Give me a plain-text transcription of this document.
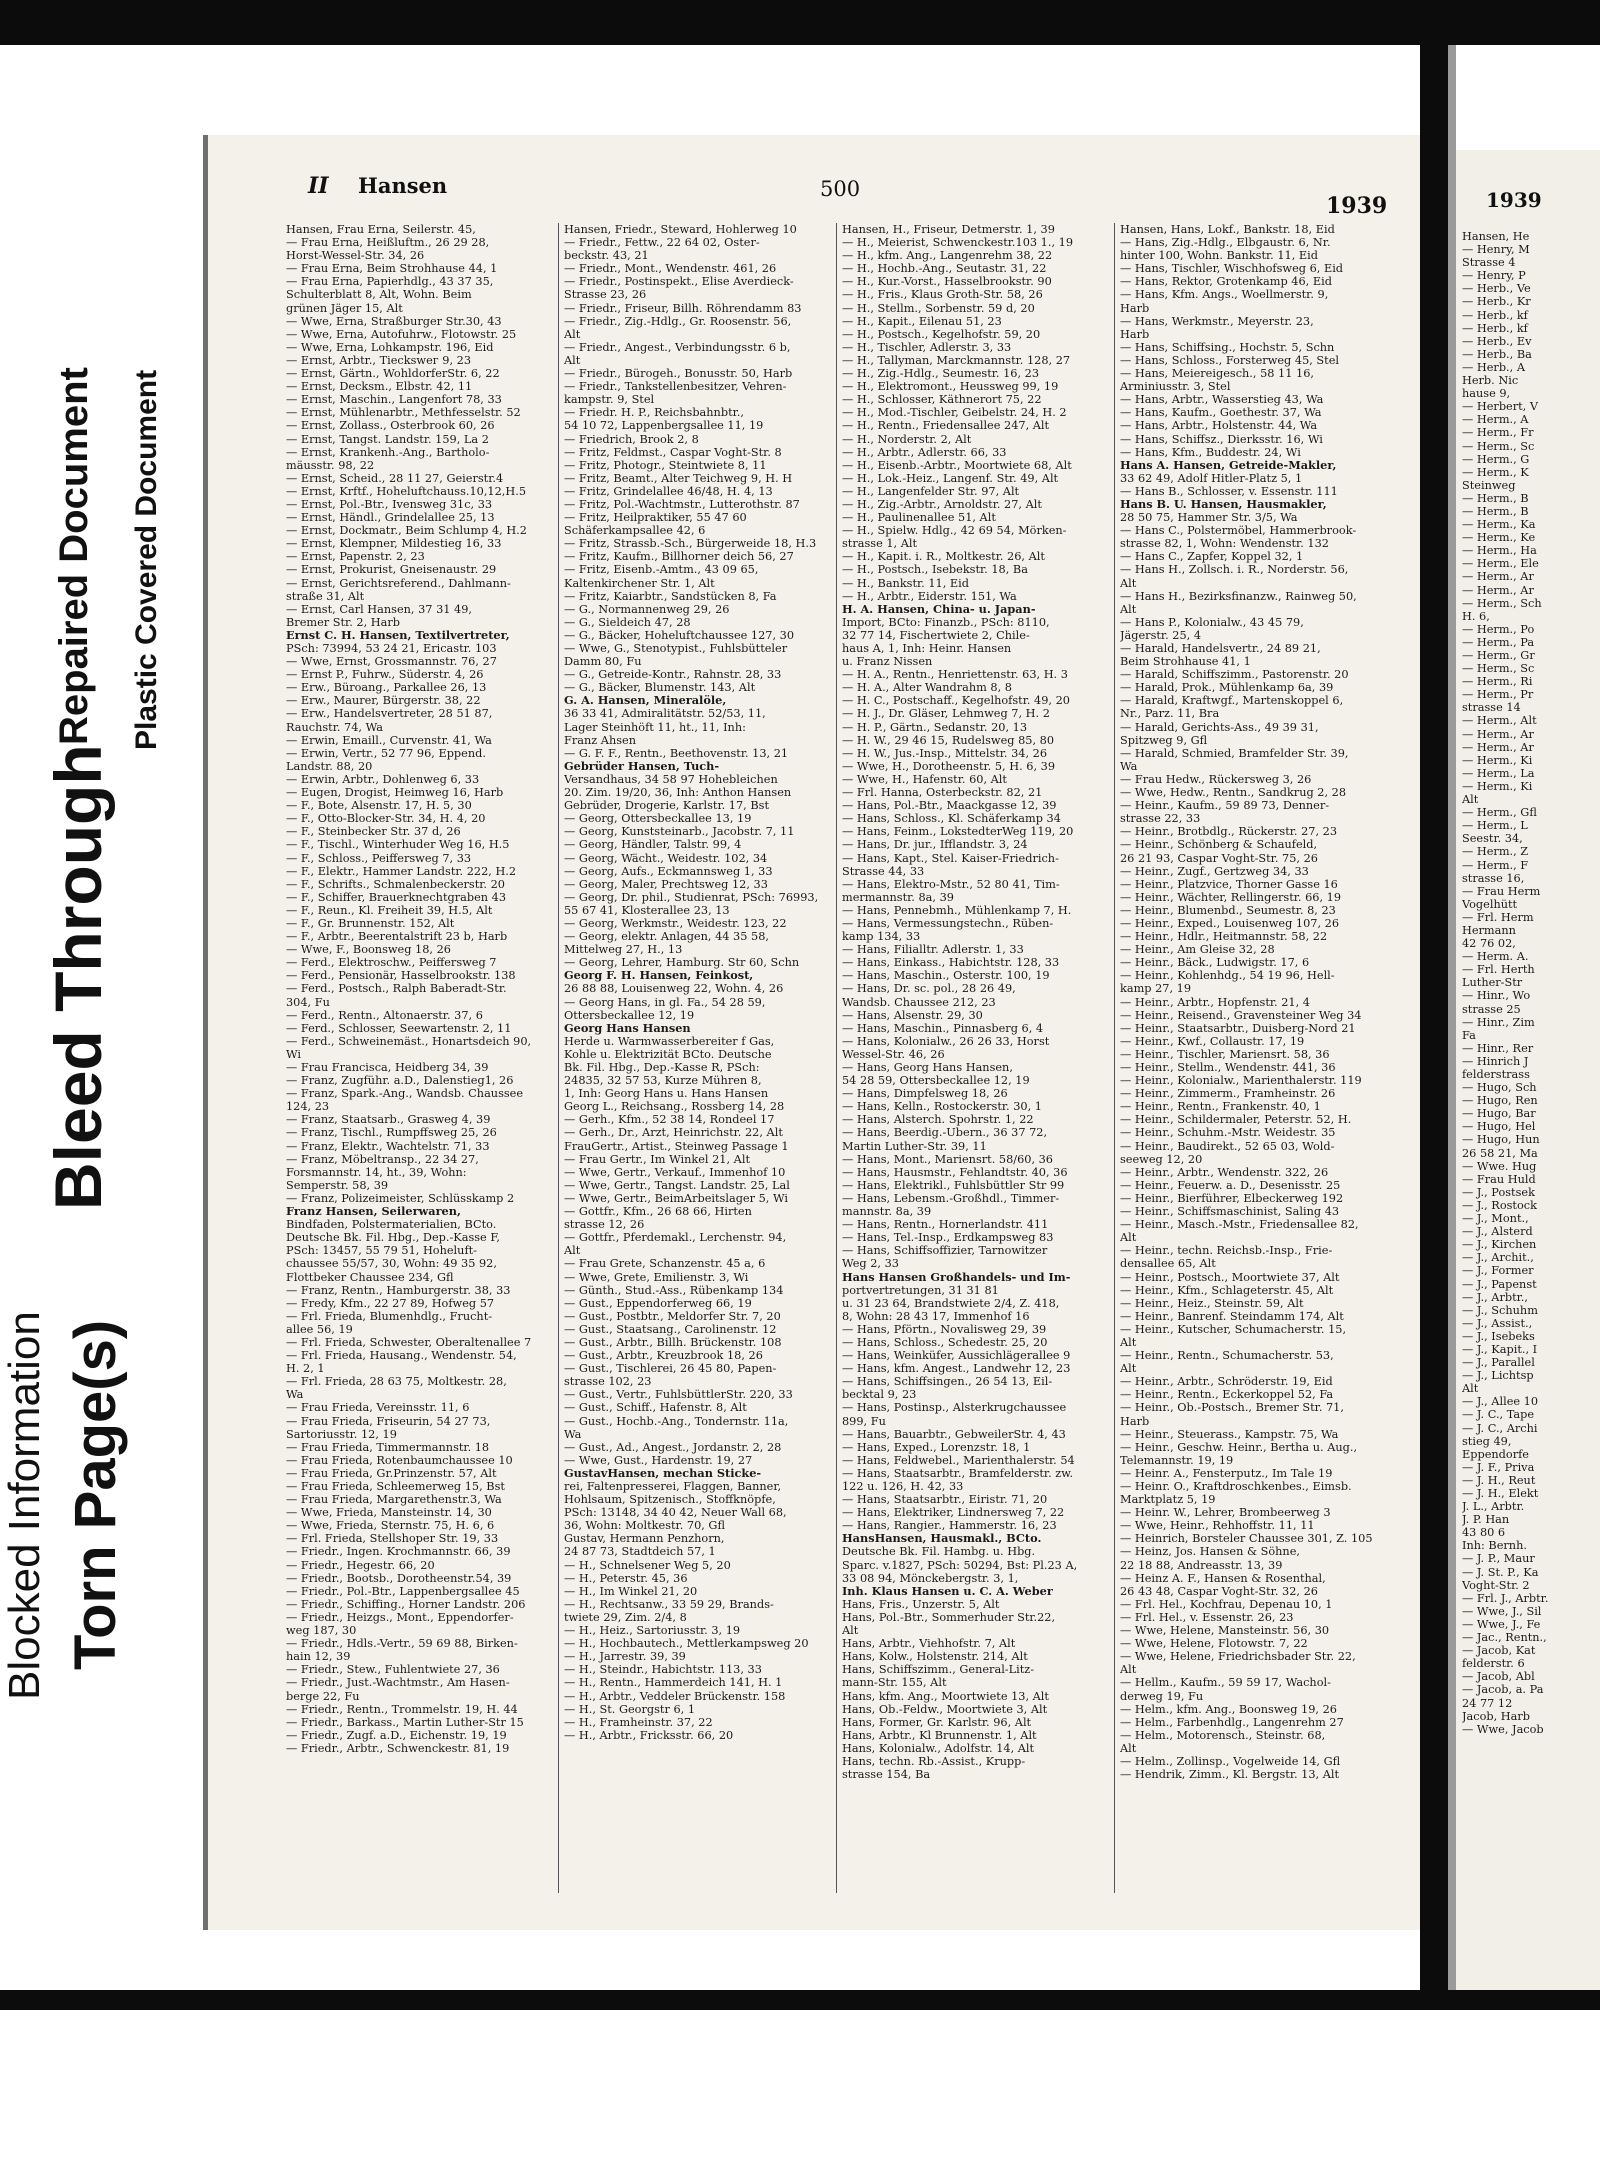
Blocked Information Torn Page(s)
Bleed Through
Repaired Document Plastic Covered Document
II Hansen	500
1939
Hansen, Frau Erna, Seilerstr. 45,
— Frau Erna, Heißluftm., 26 29 28,
Horst-Wessel-Str. 34, 26
— Frau Erna, Beim Strohhause 44, 1
— Frau Erna, Papierhdlg., 43 37 35,
Schulterblatt 8, Alt, Wohn. Beim
grünen Jäger 15, Alt
— Wwe, Erna, Straßburger Str.30, 43
— Wwe, Erna, Autofuhrw., Flotowstr. 25
— Wwe, Erna, Lohkampstr. 196, Eid
— Ernst, Arbtr., Tieckswег 9, 23
— Ernst, Gärtn., WohldorferStr. 6, 22
— Ernst, Decksm., Elbstr. 42, 11
— Ernst, Maschin., Langenfort 78, 33
— Ernst, Mühlenarbtr., Methfesselstr. 52
— Ernst, Zollass., Osterbrook 60, 26
— Ernst, Tangst. Landstr. 159, La 2
— Ernst, Krankenh.-Ang., Bartholo-
mäusstr. 98, 22
— Ernst, Scheid., 28 11 27, Geierstr.4
— Ernst, Krftf., Hoheluftchauss.10,12,H.5
— Ernst, Pol.-Btr., Ivensweg 31c, 33
— Ernst, Händl., Grindelallee 25, 13
— Ernst, Dockmatr., Beim Schlump 4, H.2
— Ernst, Klempner, Mildestieg 16, 33
— Ernst, Papenstr. 2, 23
— Ernst, Prokurist, Gneisenaustr. 29
— Ernst, Gerichtsreferend., Dahlmann-
straße 31, Alt
— Ernst, Carl Hansen, 37 31 49,
Bremer Str. 2, Harb
Ernst C. H. Hansen, Textilvertreter,
PSch: 73994, 53 24 21, Ericastr. 103
— Wwe, Ernst, Grossmannstr. 76, 27
— Ernst P., Fuhrw., Süderstr. 4, 26
— Erw., Büroang., Parkallee 26, 13
— Erw., Maurer, Bürgerstr. 38, 22
— Erw., Handelsvertreter, 28 51 87,
Rauchstr. 74, Wa
— Erwin, Emaill., Curvenstr. 41, Wa
— Erwin, Vertr., 52 77 96, Eppend.
Landstr. 88, 20
— Erwin, Arbtr., Dohlenweg 6, 33
— Eugen, Drogist, Heimweg 16, Harb
— F., Bote, Alsenstr. 17, H. 5, 30
— F., Otto-Blocker-Str. 34, H. 4, 20
— F., Steinbecker Str. 37 d, 26
— F., Tischl., Winterhuder Weg 16, H.5
— F., Schloss., Peiffersweg 7, 33
— F., Elektr., Hammer Landstr. 222, H.2
— F., Schrifts., Schmalenbeckerstr. 20
— F., Schiffer, Brauerknechtgraben 43
— F., Reun., Kl. Freiheit 39, H.5, Alt
— F., Gr. Brunnenstr. 152, Alt
— F., Arbtr., Beerentalstrift 23 b, Harb
— Wwe, F., Boonsweg 18, 26
— Ferd., Elektroschw., Peiffersweg 7
— Ferd., Pensionär, Hasselbrookstr. 138
— Ferd., Postsch., Ralph Baberadt-Str.
304, Fu
— Ferd., Rentn., Altonaerstr. 37, 6
— Ferd., Schlosser, Seewartenstr. 2, 11
— Ferd., Schweinemäst., Honartsdeich 90,
Wi
— Frau Francisca, Heidberg 34, 39
— Franz, Zugführ. a.D., Dalenstieg1, 26
— Franz, Spark.-Ang., Wandsb. Chaussee
124, 23
— Franz, Staatsarb., Grasweg 4, 39
— Franz, Tischl., Rumpffsweg 25, 26
— Franz, Elektr., Wachtelstr. 71, 33
— Franz, Möbeltransp., 22 34 27,
Forsmannstr. 14, ht., 39, Wohn:
Semperstr. 58, 39
— Franz, Polizeimeister, Schlüsskamp 2
Franz Hansen, Seilerwaren,
Bindfaden, Polstermaterialien, BCto.
Deutsche Bk. Fil. Hbg., Dep.-Kasse F,
PSch: 13457, 55 79 51, Hoheluft-
chaussee 55/57, 30, Wohn: 49 35 92,
Flottbeker Chaussee 234, Gfl
— Franz, Rentn., Hamburgerstr. 38, 33
— Fredy, Kfm., 22 27 89, Hofweg 57
— Frl. Frieda, Blumenhdlg., Frucht-
allee 56, 19
— Frl. Frieda, Schwester, Oberaltenallee 7
— Frl. Frieda, Hausang., Wendenstr. 54,
H. 2, 1
— Frl. Frieda, 28 63 75, Moltkestr. 28,
Wa
— Frau Frieda, Vereinsstr. 11, 6
— Frau Frieda, Friseurin, 54 27 73,
Sartoriusstr. 12, 19
— Frau Frieda, Timmermannstr. 18
— Frau Frieda, Rotenbaumchaussee 10
— Frau Frieda, Gr.Prinzenstr. 57, Alt
— Frau Frieda, Schleemerweg 15, Bst
— Frau Frieda, Margarethenstr.3, Wa
— Wwe, Frieda, Mansteinstr. 14, 30
— Wwe, Frieda, Sternstr. 75, H. 6, 6
— Frl. Frieda, Stellshoper Str. 19, 33
— Friedr., Ingen. Krochmannstr. 66, 39
— Friedr., Hegestr. 66, 20
— Friedr., Bootsb., Dorotheenstr.54, 39
— Friedr., Pol.-Btr., Lappenbergsallee 45
— Friedr., Schiffing., Horner Landstr. 206
— Friedr., Heizgs., Mont., Eppendorfer-
weg 187, 30
— Friedr., Hdls.-Vertr., 59 69 88, Birken-
hain 12, 39
— Friedr., Stew., Fuhlentwiete 27, 36
— Friedr., Just.-Wachtmstr., Am Hasen-
berge 22, Fu
— Friedr., Rentn., Trommelstr. 19, H. 44
— Friedr., Barkass., Martin Luther-Str 15
— Friedr., Zugf. a.D., Eichenstr. 19, 19
— Friedr., Arbtr., Schwenckestr. 81, 19
Hansen, Friedr., Steward, Hohlerweg 10
— Friedr., Fettw., 22 64 02, Oster-
beckstr. 43, 21
— Friedr., Mont., Wendenstr. 461, 26
— Friedr., Postinspekt., Elise Averdieck-
Strasse 23, 26
— Friedr., Friseur, Billh. Röhrendamm 83
— Friedr., Zig.-Hdlg., Gr. Roosenstr. 56,
Alt
— Friedr., Angest., Verbindungsstr. 6 b,
Alt
— Friedr., Bürogeh., Bonusstr. 50, Harb
— Friedr., Tankstellenbesitzer, Vehren-
kampstr. 9, Stel
— Friedr. H. P., Reichsbahnbtr.,
54 10 72, Lappenbergsallee 11, 19
— Friedrich, Brook 2, 8
— Fritz, Feldmst., Caspar Voght-Str. 8
— Fritz, Photogr., Steintwiete 8, 11
— Fritz, Beamt., Alter Teichweg 9, H. H
— Fritz, Grindelallee 46/48, H. 4, 13
— Fritz, Pol.-Wachtmstr., Lutterothstr. 87
— Fritz, Heilpraktiker, 55 47 60
Schäferkampsallee 42, 6
— Fritz, Strassb.-Sch., Bürgerweide 18, H.3
— Fritz, Kaufm., Billhorner deich 56, 27
— Fritz, Eisenb.-Amtm., 43 09 65,
Kaltenkirchener Str. 1, Alt
— Fritz, Kaiarbtr., Sandstücken 8, Fa
— G., Normannenweg 29, 26
— G., Sieldeich 47, 28
— G., Bäcker, Hoheluftchaussee 127, 30
— Wwe, G., Stenotypist., Fuhlsbütteler
Damm 80, Fu
— G., Getreide-Kontr., Rahnstr. 28, 33
— G., Bäcker, Blumenstr. 143, Alt
G. A. Hansen, Mineralöle,
36 33 41, Admiralitätstr. 52/53, 11,
Lager Steinhöft 11, ht., 11, Inh:
Franz Ahsen
— G. F. F., Rentn., Beethovenstr. 13, 21
Gebrüder Hansen, Tuch-
Versandhaus, 34 58 97 Hohebleichen
20. Zim. 19/20, 36, Inh: Anthon Hansen
Gebrüder, Drogerie, Karlstr. 17, Bst
— Georg, Ottersbeckallee 13, 19
— Georg, Kunststeinarb., Jacobstr. 7, 11
— Georg, Händler, Talstr. 99, 4
— Georg, Wächt., Weidestr. 102, 34
— Georg, Aufs., Eckmannsweg 1, 33
— Georg, Maler, Prechtsweg 12, 33
— Georg, Dr. phil., Studienrat, PSch: 76993,
55 67 41, Klosterallee 23, 13
— Georg, Werkmstr., Weidestr. 123, 22
— Georg, elektr. Anlagen, 44 35 58,
Mittelweg 27, H., 13
— Georg, Lehrer, Hamburg. Str 60, Schn
Georg F. H. Hansen, Feinkost,
26 88 88, Louisenweg 22, Wohn. 4, 26
— Georg Hans, in gl. Fa., 54 28 59,
Ottersbeckallee 12, 19
Georg Hans Hansen
Herde u. Warmwasserbereiter f Gas,
Kohle u. Elektrizität BCto. Deutsche
Bk. Fil. Hbg., Dep.-Kasse R, PSch:
24835, 32 57 53, Kurze Mühren 8,
1, Inh: Georg Hans u. Hans Hansen
Georg L., Reichsang., Rossberg 14, 28
— Gerh., Kfm., 52 38 14, Rondeel 17
— Gerh., Dr., Arzt, Heinrichstr. 22, Alt
FrauGertr., Artist., Steinweg Passage 1
— Frau Gertr., Im Winkel 21, Alt
— Wwe, Gertr., Verkauf., Immenhof 10
— Wwe, Gertr., Tangst. Landstr. 25, Lal
— Wwe, Gertr., BeimArbeitslager 5, Wi
— Gottfr., Kfm., 26 68 66, Hirten
strasse 12, 26
— Gottfr., Pferdemakl., Lerchenstr. 94,
Alt
— Frau Grete, Schanzenstr. 45 a, 6
— Wwe, Grete, Emilienstr. 3, Wi
— Günth., Stud.-Ass., Rübenkamp 134
— Gust., Eppendorferweg 66, 19
— Gust., Postbtr., Meldorfer Str. 7, 20
— Gust., Staatsang., Carolinenstr. 12
— Gust., Arbtr., Billh. Brückenstr. 108
— Gust., Arbtr., Kreuzbrook 18, 26
— Gust., Tischlerei, 26 45 80, Papen-
strasse 102, 23
— Gust., Vertr., FuhlsbüttlerStr. 220, 33
— Gust., Schiff., Hafenstr. 8, Alt
— Gust., Hochb.-Ang., Tondernstr. 11a,
Wa
— Gust., Ad., Angest., Jordanstr. 2, 28
— Wwe, Gust., Hardenstr. 19, 27
GustavHansen, mechan Sticke-
rei, Faltenpresserei, Flaggen, Banner,
Hohlsaum, Spitzenisch., Stoffknöpfe,
PSch: 13148, 34 40 42, Neuer Wall 68,
36, Wohn: Moltkestr. 70, Gfl
Gustav, Hermann Penzhorn,
24 87 73, Stadtdeich 57, 1
— H., Schnelsener Weg 5, 20
— H., Peterstr. 45, 36
— H., Im Winkel 21, 20
— H., Rechtsanw., 33 59 29, Brands-
twiete 29, Zim. 2/4, 8
— H., Heiz., Sartoriusstr. 3, 19
— H., Hochbautech., Mettlerkampsweg 20
— H., Jarrestr. 39, 39
— H., Steindr., Habichtstr. 113, 33
— H., Rentn., Hammerdeich 141, H. 1
— H., Arbtr., Veddeler Brückenstr. 158
— H., St. Georgstr 6, 1
— H., Framheinstr. 37, 22
— H., Arbtr., Fricksstr. 66, 20
Hansen, H., Friseur, Detmerstr. 1, 39
— H., Meierist, Schwenckestr.103 1., 19
— H., kfm. Ang., Langenrehm 38, 22
— H., Hochb.-Ang., Seutastr. 31, 22
— H., Kur.-Vorst., Hasselbrookstr. 90
— H., Fris., Klaus Groth-Str. 58, 26
— H., Stellm., Sorbenstr. 59 d, 20
— H., Kapit., Eilenau 51, 23
— H., Postsch., Kegelhofstr. 59, 20
— H., Tischler, Adlerstr. 3, 33
— H., Tallyman, Marckmannstr. 128, 27
— H., Zig.-Hdlg., Seumestr. 16, 23
— H., Elektromont., Heussweg 99, 19
— H., Schlosser, Käthnerort 75, 22
— H., Mod.-Tischler, Geibelstr. 24, H. 2
— H., Rentn., Friedensallee 247, Alt
— H., Norderstr. 2, Alt
— H., Arbtr., Adlerstr. 66, 33
— H., Eisenb.-Arbtr., Moortwiete 68, Alt
— H., Lok.-Heiz., Langenf. Str. 49, Alt
— H., Langenfelder Str. 97, Alt
— H., Zig.-Arbtr., Arnoldstr. 27, Alt
— H., Paulinenallee 51, Alt
— H., Spielw. Hdlg., 42 69 54, Mörken-
strasse 1, Alt
— H., Kapit. i. R., Moltkestr. 26, Alt
— H., Postsch., Isebekstr. 18, Ba
— H., Bankstr. 11, Eid
— H., Arbtr., Eiderstr. 151, Wa
H. A. Hansen, China- u. Japan-
Import, BCto: Finanzb., PSch: 8110,
32 77 14, Fischertwiete 2, Chile-
haus A, 1, Inh: Heinr. Hansen
u. Franz Nissen
— H. A., Rentn., Henriettenstr. 63, H. 3
— H. A., Alter Wandrahm 8, 8
— H. C., Postschaff., Kegelhofstr. 49, 20
— H. J., Dr. Gläser, Lehmweg 7, H. 2
— H. P., Gärtn., Sedanstr. 20, 13
— H. W., 29 46 15, Rudelsweg 85, 80
— H. W., Jus.-Insp., Mittelstr. 34, 26
— Wwe, H., Dorotheenstr. 5, H. 6, 39
— Wwe, H., Hafenstr. 60, Alt
— Frl. Hanna, Osterbeckstr. 82, 21
— Hans, Pol.-Btr., Maackgasse 12, 39
— Hans, Schloss., Kl. Schäferkamp 34
— Hans, Feinm., LokstedterWeg 119, 20
— Hans, Dr. jur., Ifflandstr. 3, 24
— Hans, Kapt., Stel. Kaiser-Friedrich-
Strasse 44, 33
— Hans, Elektro-Mstr., 52 80 41, Tim-
mermannstr. 8a, 39
— Hans, Pennebmh., Mühlenkamp 7, H.
— Hans, Vermessungstechn., Rüben-
kamp 134, 33
— Hans, Filialltr. Adlerstr. 1, 33
— Hans, Einkass., Habichtstr. 128, 33
— Hans, Maschin., Osterstr. 100, 19
— Hans, Dr. sc. pol., 28 26 49,
Wandsb. Chaussee 212, 23
— Hans, Alsenstr. 29, 30
— Hans, Maschin., Pinnasberg 6, 4
— Hans, Kolonialw., 26 26 33, Horst
Wessel-Str. 46, 26
— Hans, Georg Hans Hansen,
54 28 59, Ottersbeckallee 12, 19
— Hans, Dimpfelsweg 18, 26
— Hans, Kelln., Rostockerstr. 30, 1
— Hans, Alsterch. Spohrstr. 1, 22
— Hans, Beerdig.-Ubern., 36 37 72,
Martin Luther-Str. 39, 11
— Hans, Mont., Mariensrt. 58/60, 36
— Hans, Hausmstr., Fehlandtstr. 40, 36
— Hans, Elektrikl., Fuhlsbüttler Str 99
— Hans, Lebensm.-Großhdl., Timmer-
mannstr. 8a, 39
— Hans, Rentn., Hornerlandstr. 411
— Hans, Tel.-Insp., Erdkampsweg 83
— Hans, Schiffsoffizier, Tarnowitzer
Weg 2, 33
Hans Hansen Großhandels- und Im-
portvertretungen, 31 31 81
u. 31 23 64, Brandstwiete 2/4, Z. 418,
8, Wohn: 28 43 17, Immenhof 16
— Hans, Pförtn., Novalisweg 29, 39
— Hans, Schloss., Schedestr. 25, 20
— Hans, Weinküfer, Aussichlägerallee 9
— Hans, kfm. Angest., Landwehr 12, 23
— Hans, Schiffsingen., 26 54 13, Eil-
becktal 9, 23
— Hans, Postinsp., Alsterkrugchaussee
899, Fu
— Hans, Bauarbtr., GebweilerStr. 4, 43
— Hans, Exped., Lorenzstr. 18, 1
— Hans, Feldwebel., Marienthalerstr. 54
— Hans, Staatsarbtr., Bramfelderstr. zw.
122 u. 126, H. 42, 33
— Hans, Staatsarbtr., Eiristr. 71, 20
— Hans, Elektriker, Lindnersweg 7, 22
— Hans, Rangier., Hammerstr. 16, 23
HansHansen, Hausmakl., BCto.
Deutsche Bk. Fil. Hambg. u. Hbg.
Sparc. v.1827, PSch: 50294, Bst: Pl.23 A,
33 08 94, Mönckebergstr. 3, 1,
Inh. Klaus Hansen u. C. A. Weber
Hans, Fris., Unzerstr. 5, Alt
Hans, Pol.-Btr., Sommerhuder Str.22,
Alt
Hans, Arbtr., Viehhofstr. 7, Alt
Hans, Kolw., Holstenstr. 214, Alt
Hans, Schiffszimm., General-Litz-
mann-Str. 155, Alt
Hans, kfm. Ang., Moortwiete 13, Alt
Hans, Ob.-Feldw., Moortwiete 3, Alt
Hans, Former, Gr. Karlstr. 96, Alt
Hans, Arbtr., Kl Brunnenstr. 1, Alt
Hans, Kolonialw., Adolfstr. 14, Alt
Hans, techn. Rb.-Assist., Krupp-
strasse 154, Ba
Hansen, Hans, Lokf., Bankstr. 18, Eid
— Hans, Zig.-Hdlg., Elbgaustr. 6, Nr.
hinter 100, Wohn. Bankstr. 11, Eid
— Hans, Tischler, Wischhofsweg 6, Eid
— Hans, Rektor, Grotenkamp 46, Eid
— Hans, Kfm. Angs., Woellmerstr. 9,
Harb
— Hans, Werkmstr., Meyerstr. 23,
Harb
— Hans, Schiffsing., Hochstr. 5, Schn
— Hans, Schloss., Forsterweg 45, Stel
— Hans, Meiereigesch., 58 11 16,
Arminiusstr. 3, Stel
— Hans, Arbtr., Wasserstieg 43, Wa
— Hans, Kaufm., Goethestr. 37, Wa
— Hans, Arbtr., Holstenstr. 44, Wa
— Hans, Schiffsz., Dierksstr. 16, Wi
— Hans, Kfm., Buddestr. 24, Wi
Hans A. Hansen, Getreide-Makler,
33 62 49, Adolf Hitler-Platz 5, 1
— Hans B., Schlosser, v. Essenstr. 111
Hans B. U. Hansen, Hausmakler,
28 50 75, Hammer Str. 3/5, Wa
— Hans C., Polstermöbel, Hammerbrook-
strasse 82, 1, Wohn: Wendenstr. 132
— Hans C., Zapfer, Koppel 32, 1
— Hans H., Zollsch. i. R., Norderstr. 56,
Alt
— Hans H., Bezirksfinanzw., Rainweg 50,
Alt
— Hans P., Kolonialw., 43 45 79,
Jägerstr. 25, 4
— Harald, Handelsvertr., 24 89 21,
Beim Strohhause 41, 1
— Harald, Schiffszimm., Pastorenstr. 20
— Harald, Prok., Mühlenkamp 6a, 39
— Harald, Kraftwgf., Martenskoppel 6,
Nr., Parz. 11, Bra
— Harald, Gerichts-Ass., 49 39 31,
Spitzweg 9, Gfl
— Harald, Schmied, Bramfelder Str. 39,
Wa
— Frau Hedw., Rückersweg 3, 26
— Wwe, Hedw., Rentn., Sandkrug 2, 28
— Heinr., Kaufm., 59 89 73, Denner-
strasse 22, 33
— Heinr., Brotbdlg., Rückerstr. 27, 23
— Heinr., Schönberg & Schaufeld,
26 21 93, Caspar Voght-Str. 75, 26
— Heinr., Zugf., Gertzweg 34, 33
— Heinr., Platzvice, Thorner Gasse 16
— Heinr., Wächter, Rellingerstr. 66, 19
— Heinr., Blumenbd., Seumestr. 8, 23
— Heinr., Exped., Louisenweg 107, 26
— Heinr., Hdlr., Heitmannstr. 58, 22
— Heinr., Am Gleise 32, 28
— Heinr., Bäck., Ludwigstr. 17, 6
— Heinr., Kohlenhdg., 54 19 96, Hell-
kamp 27, 19
— Heinr., Arbtr., Hopfenstr. 21, 4
— Heinr., Reisend., Gravensteiner Weg 34
— Heinr., Staatsarbtr., Duisberg-Nord 21
— Heinr., Kwf., Collaustr. 17, 19
— Heinr., Tischler, Mariensrt. 58, 36
— Heinr., Stellm., Wendenstr. 441, 36
— Heinr., Kolonialw., Marienthalerstr. 119
— Heinr., Zimmerm., Framheinstr. 26
— Heinr., Rentn., Frankenstr. 40, 1
— Heinr., Schildermaler, Peterstr. 52, H.
— Heinr., Schuhm.-Mstr. Weidestr. 35
— Heinr., Baudirekt., 52 65 03, Wold-
seeweg 12, 20
— Heinr., Arbtr., Wendenstr. 322, 26
— Heinr., Feuerw. a. D., Desenisstr. 25
— Heinr., Bierführer, Elbeckerweg 192
— Heinr., Schiffsmaschinist, Saling 43
— Heinr., Masch.-Mstr., Friedensallee 82,
Alt
— Heinr., techn. Reichsb.-Insp., Frie-
densallee 65, Alt
— Heinr., Postsch., Moortwiete 37, Alt
— Heinr., Kfm., Schlageterstr. 45, Alt
— Heinr., Heiz., Steinstr. 59, Alt
— Heinr., Banrenf. Steindamm 174, Alt
— Heinr., Kutscher, Schumacherstr. 15,
Alt
— Heinr., Rentn., Schumacherstr. 53,
Alt
— Heinr., Arbtr., Schröderstr. 19, Eid
— Heinr., Rentn., Eckerkoppel 52, Fa
— Heinr., Ob.-Postsch., Bremer Str. 71,
Harb
— Heinr., Steuerass., Kampstr. 75, Wa
— Heinr., Geschw. Heinr., Bertha u. Aug.,
Telemannstr. 19, 19
— Heinr. A., Fensterputz., Im Tale 19
— Heinr. O., Kraftdroschkenbes., Eimsb.
Marktplatz 5, 19
— Heinr. W., Lehrer, Brombeerweg 3
— Wwe, Heinr., Rehhoffstr. 11, 11
— Heinrich, Borsteler Chaussee 301, Z. 105
— Heinz, Jos. Hansen & Söhne,
22 18 88, Andreasstr. 13, 39
— Heinz A. F., Hansen & Rosenthal,
26 43 48, Caspar Voght-Str. 32, 26
— Frl. Hel., Kochfrau, Depenau 10, 1
— Frl. Hel., v. Essenstr. 26, 23
— Wwe, Helene, Mansteinstr. 56, 30
— Wwe, Helene, Flotowstr. 7, 22
— Wwe, Helene, Friedrichsbader Str. 22,
Alt
— Hellm., Kaufm., 59 59 17, Wachol-
derweg 19, Fu
— Helm., kfm. Ang., Boonsweg 19, 26
— Helm., Farbenhdlg., Langenrehm 27
— Helm., Motorensch., Steinstr. 68,
Alt
— Helm., Zollinsp., Vogelweide 14, Gfl
— Hendrik, Zimm., Kl. Bergstr. 13, Alt
1939
Hansen, He
— Henry, M
Strasse 4
— Henry, P
— Herb., Ve
— Herb., Kr
— Herb., kf
— Herb., kf
— Herb., Ev
— Herb., Ba
— Herb., A
Herb. Nic
hause 9,
— Herbert, V
— Herm., A
— Herm., Fr
— Herm., Sc
— Herm., G
— Herm., K
Steinweg
— Herm., B
— Herm., B
— Herm., Ka
— Herm., Ke
— Herm., Ha
— Herm., Ele
— Herm., Ar
— Herm., Ar
— Herm., Sch
H. 6,
— Herm., Po
— Herm., Pa
— Herm., Gr
— Herm., Sc
— Herm., Ri
— Herm., Pr
strasse 14
— Herm., Alt
— Herm., Ar
— Herm., Ar
— Herm., Ki
— Herm., La
— Herm., Ki
Alt
— Herm., Gfl
— Herm., L
Seestr. 34,
— Herm., Z
— Herm., F
strasse 16,
— Frau Herm
Vogelhütt
— Frl. Herm
Hermann
42 76 02,
— Herm. A.
— Frl. Herth
Luther-Str
— Hinr., Wo
strasse 25
— Hinr., Zim
Fa
— Hinr., Rer
— Hinrich J
felderstrass
— Hugo, Sch
— Hugo, Ren
— Hugo, Bar
— Hugo, Hel
— Hugo, Hun
26 58 21, Ma
— Wwe. Hug
— Frau Huld
— J., Postsek
— J., Rostock
— J., Mont.,
— J., Alsterd
— J., Kirchen
— J., Archit.,
— J., Former
— J., Papenst
— J., Arbtr.,
— J., Schuhm
— J., Assist.,
— J., Isebeks
— J., Kapit., I
— J., Parallel
— J., Lichtsp
Alt
— J., Allee 10
— J. C., Tape
— J. C., Archi
stieg 49,
Eppendorfe
— J. F., Priva
— J. H., Reut
— J. H., Elekt
J. L., Arbtr.
J. P. Han
43 80 6
Inh: Bernh.
— J. P., Maur
— J. St. P., Ka
Voght-Str. 2
— Frl. J., Arbtr.
— Wwe, J., Sil
— Wwe, J., Fe
— Jac., Rentn.,
— Jacob, Kat
felderstr. 6
— Jacob, Abl
— Jacob, a. Pa
24 77 12
Jacob, Harb
— Wwe, Jacob
